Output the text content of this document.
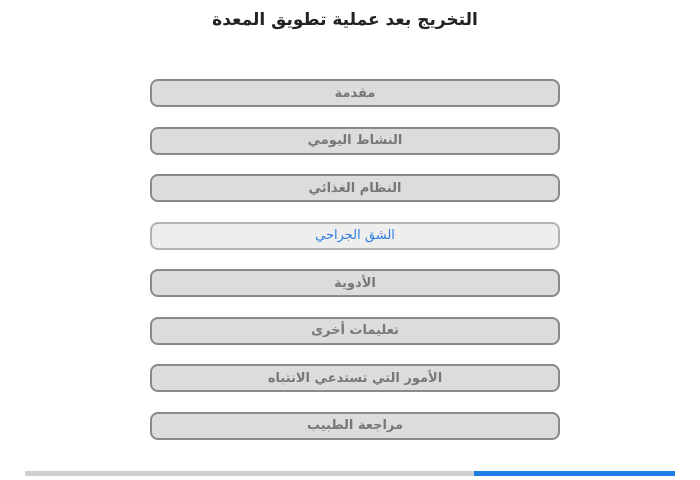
التخريج بعد عملية تطويق المعدة
مقدمة
النشاط اليومي
النظام الغذائي
الشق الجراحي
الأدوية
تعليمات أخرى
الأمور التي تستدعي الانتباه
مراجعة الطبيب
